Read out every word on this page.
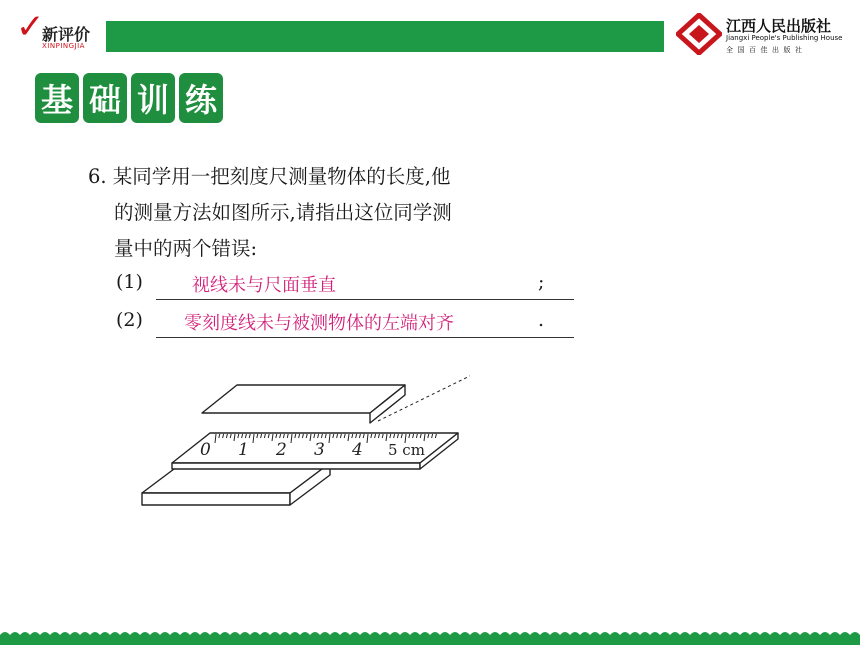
✓
新评价
XINPINGJIA
江西人民出版社
Jiangxi People's Publishing House
全国百佳出版社
基 础 训 练
6. 某同学用一把刻度尺测量物体的长度,他
的测量方法如图所示,请指出这位同学测
量中的两个错误:
(1)	视线未与尺面垂直	;
(2) 零刻度线未与被测物体的左端对齐	.
0 1 2 3 4 5 cm
